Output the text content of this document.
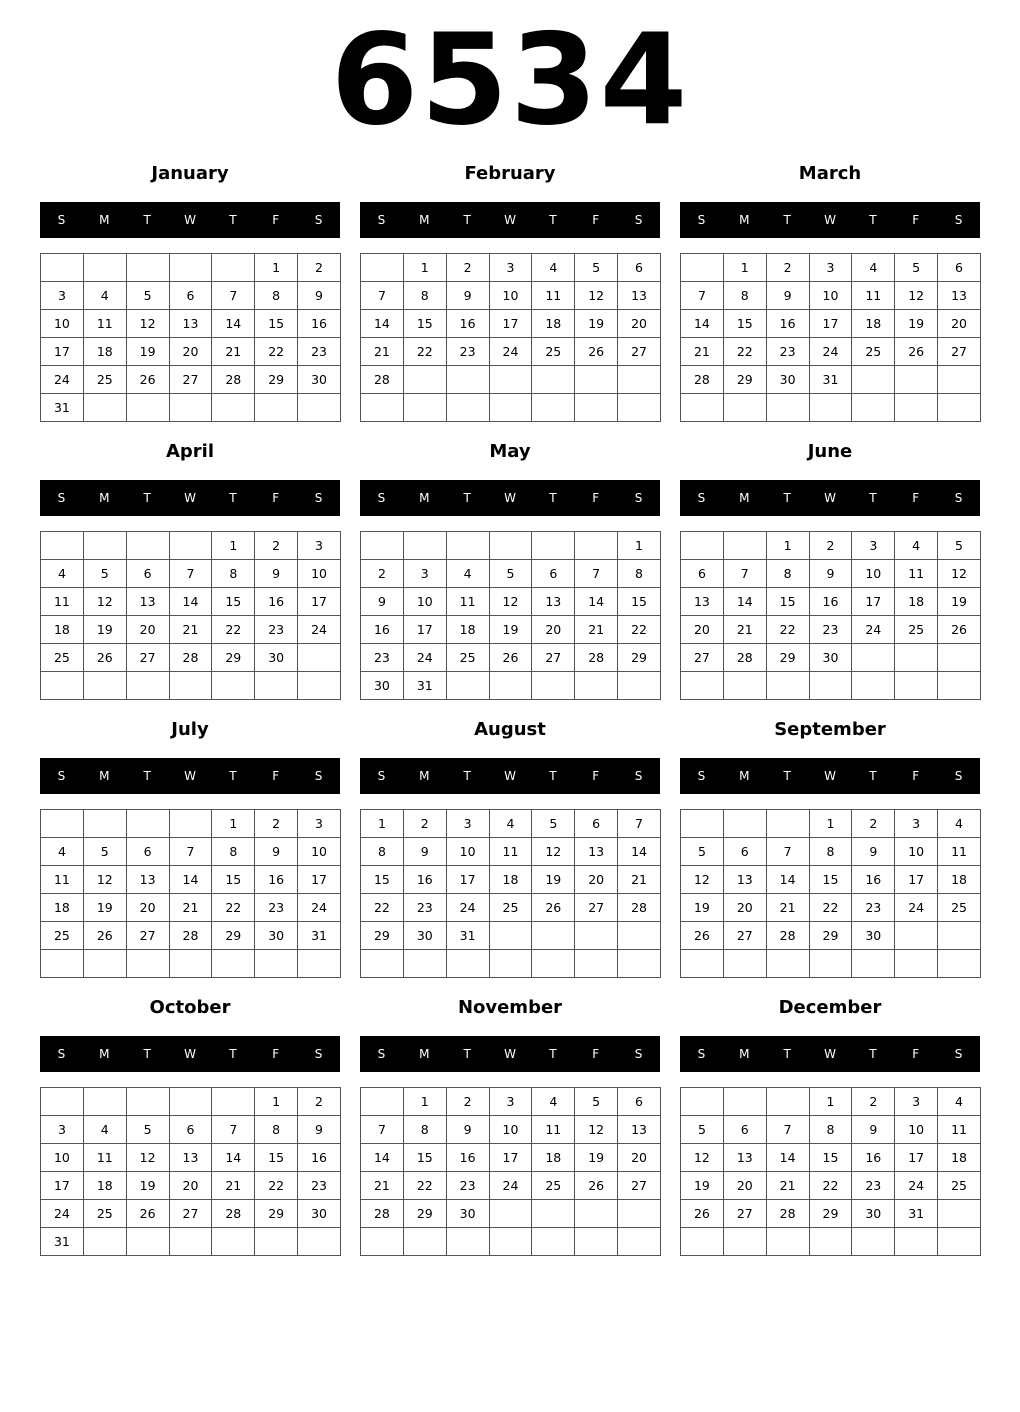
6534
January
S	M	T	W	T	F	S
					1	2
3	4	5	6	7	8	9
10	11	12	13	14	15	16
17	18	19	20	21	22	23
24	25	26	27	28	29	30
31						
February
S	M	T	W	T	F	S
	1	2	3	4	5	6
7	8	9	10	11	12	13
14	15	16	17	18	19	20
21	22	23	24	25	26	27
28						

March
S	M	T	W	T	F	S
	1	2	3	4	5	6
7	8	9	10	11	12	13
14	15	16	17	18	19	20
21	22	23	24	25	26	27
28	29	30	31			

April
S	M	T	W	T	F	S
				1	2	3
4	5	6	7	8	9	10
11	12	13	14	15	16	17
18	19	20	21	22	23	24
25	26	27	28	29	30	

May
S	M	T	W	T	F	S
						1
2	3	4	5	6	7	8
9	10	11	12	13	14	15
16	17	18	19	20	21	22
23	24	25	26	27	28	29
30	31					
June
S	M	T	W	T	F	S
		1	2	3	4	5
6	7	8	9	10	11	12
13	14	15	16	17	18	19
20	21	22	23	24	25	26
27	28	29	30			

July
S	M	T	W	T	F	S
				1	2	3
4	5	6	7	8	9	10
11	12	13	14	15	16	17
18	19	20	21	22	23	24
25	26	27	28	29	30	31

August
S	M	T	W	T	F	S
1	2	3	4	5	6	7
8	9	10	11	12	13	14
15	16	17	18	19	20	21
22	23	24	25	26	27	28
29	30	31				

September
S	M	T	W	T	F	S
			1	2	3	4
5	6	7	8	9	10	11
12	13	14	15	16	17	18
19	20	21	22	23	24	25
26	27	28	29	30		

October
S	M	T	W	T	F	S
					1	2
3	4	5	6	7	8	9
10	11	12	13	14	15	16
17	18	19	20	21	22	23
24	25	26	27	28	29	30
31						
November
S	M	T	W	T	F	S
	1	2	3	4	5	6
7	8	9	10	11	12	13
14	15	16	17	18	19	20
21	22	23	24	25	26	27
28	29	30				

December
S	M	T	W	T	F	S
			1	2	3	4
5	6	7	8	9	10	11
12	13	14	15	16	17	18
19	20	21	22	23	24	25
26	27	28	29	30	31	
